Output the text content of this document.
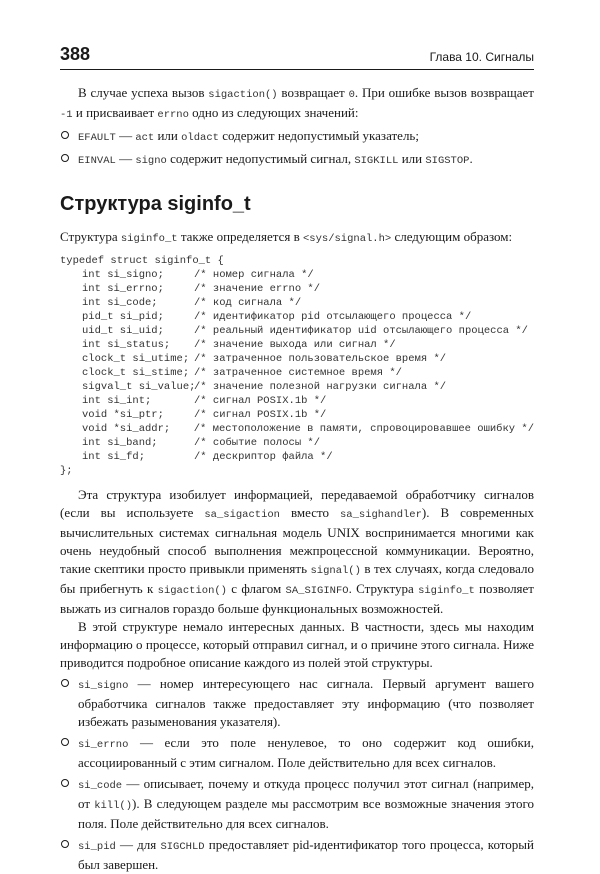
388	Глава 10. Сигналы

В случае успеха вызов sigaction() возвращает 0. При ошибке вызов возвращает -1 и присваивает errno одно из следующих значений:

EFAULT — act или oldact содержит недопустимый указатель;
EINVAL — signo содержит недопустимый сигнал, SIGKILL или SIGSTOP.
Структура siginfo_t

Структура siginfo_t также определяется в <sys/signal.h> следующим образом:

typedef struct siginfo_t {
int si_signo;	/* номер сигнала */
int si_errno;	/* значение errno */
int si_code;	/* код сигнала */
pid_t si_pid;	/* идентификатор pid отсылающего процесса */
uid_t si_uid;	/* реальный идентификатор uid отсылающего процесса */
int si_status;	/* значение выхода или сигнал */
clock_t si_utime; /* затраченное пользовательское время */
clock_t si_stime; /* затраченное системное время */
sigval_t si_value;
/* значение полезной нагрузки сигнала */
int si_int;	/* сигнал POSIX.1b */
void *si_ptr;	/* сигнал POSIX.1b */
void *si_addr;	/* местоположение в памяти, спровоцировавшее ошибку */
int si_band;	/* событие полосы */
int si_fd;	/* дескриптор файла */
};

Эта структура изобилует информацией, передаваемой обработчику сигналов (если вы используете sa_sigaction вместо sa_sighandler). В современных вычислительных системах сигнальная модель UNIX воспринимается многими как очень неудобный способ выполнения межпроцессной коммуникации. Вероятно, такие скептики просто привыкли применять signal() в тех случаях, когда следовало бы прибегнуть к sigaction() с флагом SA_SIGINFO. Структура siginfo_t позволяет выжать из сигналов гораздо больше функциональных возможностей.

В этой структуре немало интересных данных. В частности, здесь мы находим информацию о процессе, который отправил сигнал, и о причине этого сигнала. Ниже приводится подробное описание каждого из полей этой структуры.

si_signo — номер интересующего нас сигнала. Первый аргумент вашего обработчика сигналов также предоставляет эту информацию (что позволяет избежать разыменования указателя).
si_errno — если это поле ненулевое, то оно содержит код ошибки, ассоциированный с этим сигналом. Поле действительно для всех сигналов.
si_code — описывает, почему и откуда процесс получил этот сигнал (например, от kill()). В следующем разделе мы рассмотрим все возможные значения этого поля. Поле действительно для всех сигналов.
si_pid — для SIGCHLD предоставляет pid-идентификатор того процесса, который был завершен.
